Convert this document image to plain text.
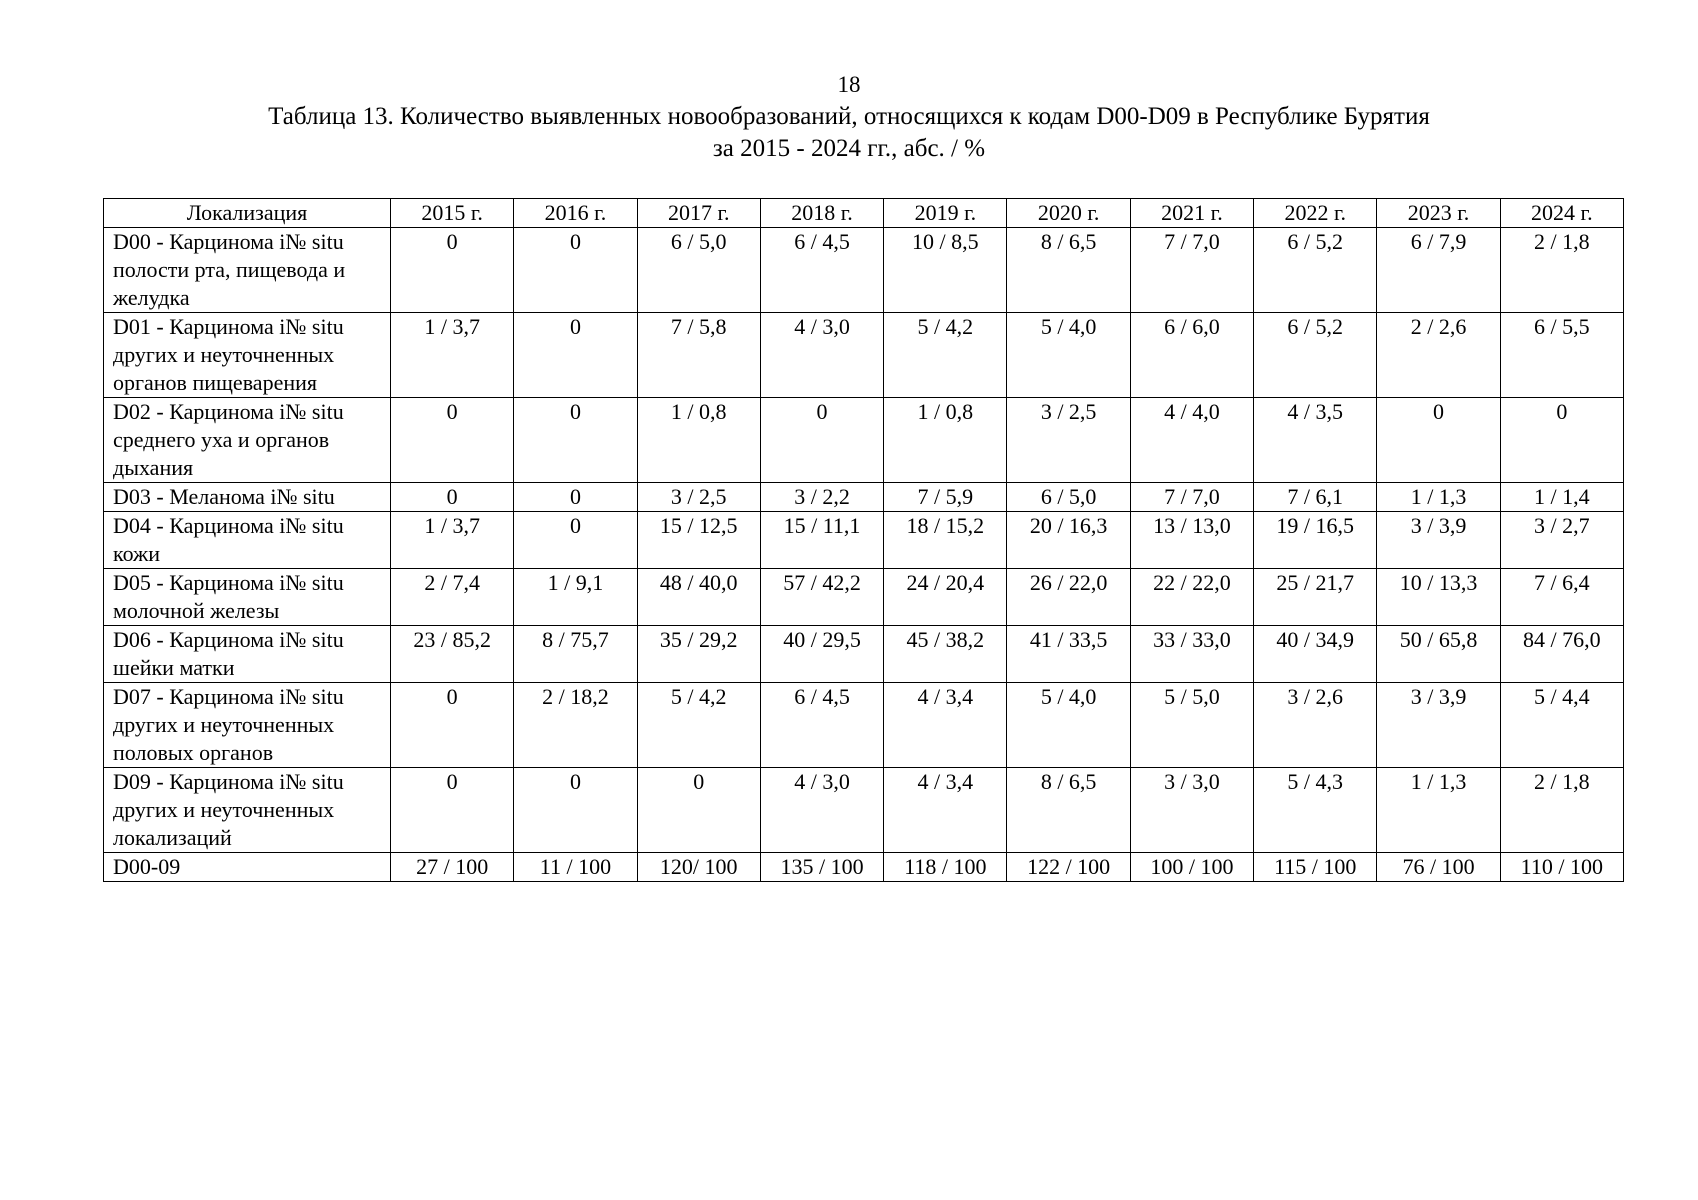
18
Таблица 13. Количество выявленных новообразований, относящихся к кодам D00-D09 в Республике Бурятия
за 2015 - 2024 гг., абс. / %
Локализация	2015 г.	2016 г.	2017 г.	2018 г.	2019 г.	2020 г.	2021 г.	2022 г.	2023 г.	2024 г.
D00 - Карцинома i№ situ полости рта, пищевода и желудка	0	0	6 / 5,0	6 / 4,5	10 / 8,5	8 / 6,5	7 / 7,0	6 / 5,2	6 / 7,9	2 / 1,8
D01 - Карцинома i№ situ других и неуточненных органов пищеварения	1 / 3,7	0	7 / 5,8	4 / 3,0	5 / 4,2	5 / 4,0	6 / 6,0	6 / 5,2	2 / 2,6	6 / 5,5
D02 - Карцинома i№ situ среднего уха и органов дыхания	0	0	1 / 0,8	0	1 / 0,8	3 / 2,5	4 / 4,0	4 / 3,5	0	0
D03 - Меланома i№ situ	0	0	3 / 2,5	3 / 2,2	7 / 5,9	6 / 5,0	7 / 7,0	7 / 6,1	1 / 1,3	1 / 1,4
D04 - Карцинома i№ situ кожи	1 / 3,7	0	15 / 12,5	15 / 11,1	18 / 15,2	20 / 16,3	13 / 13,0	19 / 16,5	3 / 3,9	3 / 2,7
D05 - Карцинома i№ situ молочной железы	2 / 7,4	1 / 9,1	48 / 40,0	57 / 42,2	24 / 20,4	26 / 22,0	22 / 22,0	25 / 21,7	10 / 13,3	7 / 6,4
D06 - Карцинома i№ situ шейки матки	23 / 85,2	8 / 75,7	35 / 29,2	40 / 29,5	45 / 38,2	41 / 33,5	33 / 33,0	40 / 34,9	50 / 65,8	84 / 76,0
D07 - Карцинома i№ situ других и неуточненных половых органов	0	2 / 18,2	5 / 4,2	6 / 4,5	4 / 3,4	5 / 4,0	5 / 5,0	3 / 2,6	3 / 3,9	5 / 4,4
D09 - Карцинома i№ situ других и неуточненных локализаций	0	0	0	4 / 3,0	4 / 3,4	8 / 6,5	3 / 3,0	5 / 4,3	1 / 1,3	2 / 1,8
D00-09	27 / 100	11 / 100	120/ 100	135 / 100	118 / 100	122 / 100	100 / 100	115 / 100	76 / 100	110 / 100
